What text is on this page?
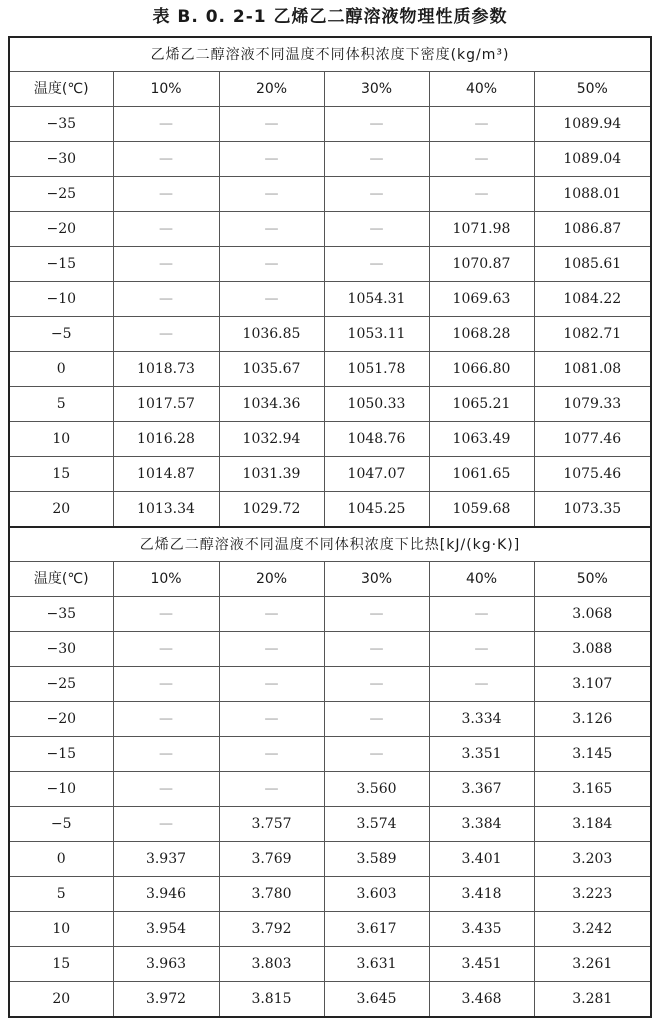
表 B. 0. 2-1 乙烯乙二醇溶液物理性质参数
乙烯乙二醇溶液不同温度不同体积浓度下密度(kg/m³)					
温度(℃)	10%	20%	30%	40%	50%
−35	—	—	—	—	1089.94
−30	—	—	—	—	1089.04
−25	—	—	—	—	1088.01
−20	—	—	—	1071.98	1086.87
−15	—	—	—	1070.87	1085.61
−10	—	—	1054.31	1069.63	1084.22
−5	—	1036.85	1053.11	1068.28	1082.71
0	1018.73	1035.67	1051.78	1066.80	1081.08
5	1017.57	1034.36	1050.33	1065.21	1079.33
10	1016.28	1032.94	1048.76	1063.49	1077.46
15	1014.87	1031.39	1047.07	1061.65	1075.46
20	1013.34	1029.72	1045.25	1059.68	1073.35
乙烯乙二醇溶液不同温度不同体积浓度下比热[kJ/(kg·K)]					
温度(℃)	10%	20%	30%	40%	50%
−35	—	—	—	—	3.068
−30	—	—	—	—	3.088
−25	—	—	—	—	3.107
−20	—	—	—	3.334	3.126
−15	—	—	—	3.351	3.145
−10	—	—	3.560	3.367	3.165
−5	—	3.757	3.574	3.384	3.184
0	3.937	3.769	3.589	3.401	3.203
5	3.946	3.780	3.603	3.418	3.223
10	3.954	3.792	3.617	3.435	3.242
15	3.963	3.803	3.631	3.451	3.261
20	3.972	3.815	3.645	3.468	3.281
